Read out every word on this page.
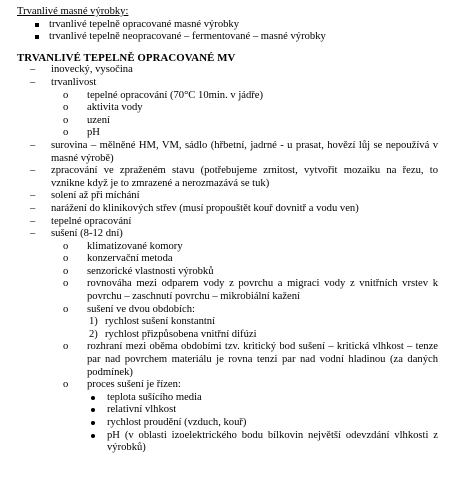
Trvanlivé masné výrobky:
trvanlivé tepelně opracované masné výrobky
trvanlivé tepelně neopracované – fermentované – masné výrobky
TRVANLIVÉ TEPELNĚ OPRACOVANÉ MV
– inovecký, vysočina
– trvanlivost
o tepelné opracování (70°C 10min. v jádře)
o aktivita vody
o uzení
o pH
– surovina – mělněné HM, VM, sádlo (hřbetní, jadrné - u prasat, hovězí lůj se nepoužívá v masné výrobě)
– zpracování ve zpraženém stavu (potřebujeme zrnitost, vytvořit mozaiku na řezu, to vznikne když je to zmrazené a nerozmazává se tuk)
– solení až při míchání
– narážení do klinikových střev (musí propouštět kouř dovnitř a vodu ven)
– tepelné opracování
– sušení (8-12 dní)
o klimatizované komory
o konzervační metoda
o senzorické vlastnosti výrobků
o rovnováha mezi odparem vody z povrchu a migraci vody z vnitřních vrstev k povrchu – zaschnutí povrchu – mikrobiální kažení
o sušení ve dvou obdobích:
1) rychlost sušení konstantní
2) rychlost přizpůsobena vnitřní difúzi
o rozhraní mezi oběma obdobími tzv. kritický bod sušení – kritická vlhkost – tenze par nad povrchem materiálu je rovna tenzi par nad vodní hladinou (za daných podmínek)
o proces sušení je řízen:
teplota sušícího media
relativní vlhkost
rychlost proudění (vzduch, kouř)
pH (v oblasti izoelektrického bodu bílkovin největší odevzdání vlhkosti z výrobků)
